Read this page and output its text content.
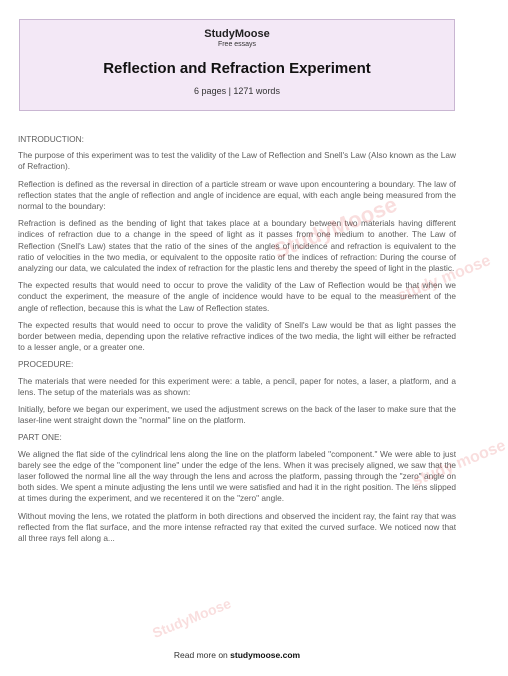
StudyMoose
Free essays
Reflection and Refraction Experiment
6 pages | 1271 words

INTRODUCTION:

The purpose of this experiment was to test the validity of the Law of Reflection and Snell's Law (Also known as the Law of Refraction).

Reflection is defined as the reversal in direction of a particle stream or wave upon encountering a boundary. The law of reflection states that the angle of reflection and angle of incidence are equal, with each angle being measured from the normal to the boundary:

Refraction is defined as the bending of light that takes place at a boundary between two materials having different indices of refraction due to a change in the speed of light as it passes from one medium to another. The Law of Reflection (Snell's Law) states that the ratio of the sines of the angles of incidence and refraction is equivalent to the ratio of velocities in the two media, or equivalent to the opposite ratio of the indices of refraction: During the course of analyzing our data, we calculated the index of refraction for the plastic lens and thereby the speed of light in the plastic.

The expected results that would need to occur to prove the validity of the Law of Reflection would be that when we conduct the experiment, the measure of the angle of incidence would have to be equal to the measurement of the angle of reflection, because this is what the Law of Reflection states.

The expected results that would need to occur to prove the validity of Snell's Law would be that as light passes the border between media, depending upon the relative refractive indices of the two media, the light will either be refracted to a lesser angle, or a greater one.

PROCEDURE:

The materials that were needed for this experiment were: a table, a pencil, paper for notes, a laser, a platform, and a lens. The setup of the materials was as shown:

Initially, before we began our experiment, we used the adjustment screws on the back of the laser to make sure that the laser-line went straight down the "normal" line on the platform.

PART ONE:

We aligned the flat side of the cylindrical lens along the line on the platform labeled "component." We were able to just barely see the edge of the "component line" under the edge of the lens. When it was precisely aligned, we saw that the laser followed the normal line all the way through the lens and across the platform, passing through the "zero" angle on both sides. We spent a minute adjusting the lens until we were satisfied and had it in the right position. The lens slipped at times during the experiment, and we recentered it on the "zero" angle.

Without moving the lens, we rotated the platform in both directions and observed the incident ray, the faint ray that was reflected from the flat surface, and the more intense refracted ray that exited the curved surface. We noticed now that all three rays fell along a...

StudyMoose
study moose
study moose
StudyMoose
Read more on studymoose.com
